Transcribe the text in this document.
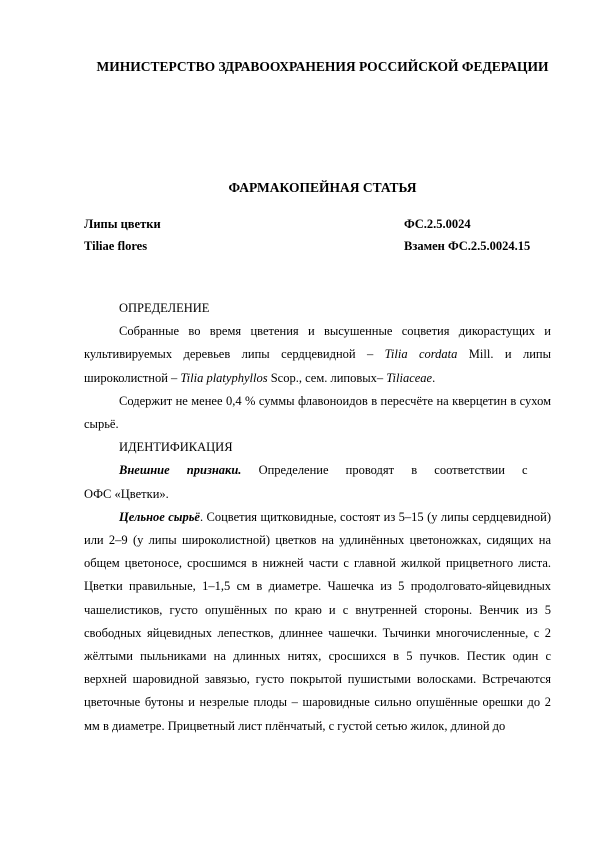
МИНИСТЕРСТВО ЗДРАВООХРАНЕНИЯ РОССИЙСКОЙ ФЕДЕРАЦИИ
ФАРМАКОПЕЙНАЯ СТАТЬЯ
Липы цветки	ФС.2.5.0024
Tiliae flores	Взамен ФС.2.5.0024.15

ОПРЕДЕЛЕНИЕ

Собранные во время цветения и высушенные соцветия дикорастущих и культивируемых деревьев липы сердцевидной – Tilia cordata Mill. и липы широколистной – Tilia platyphyllos Scop., сем. липовых– Tiliaceae.

Содержит не менее 0,4 % суммы флавоноидов в пересчёте на кверцетин в сухом сырьё.

ИДЕНТИФИКАЦИЯ

Внешние признаки. Определение проводят в соответствии с

ОФС «Цветки».

Цельное сырьё. Соцветия щитковидные, состоят из 5–15 (у липы сердцевидной) или 2–9 (у липы широколистной) цветков на удлинённых цветоножках, сидящих на общем цветоносе, сросшимся в нижней части с главной жилкой прицветного листа. Цветки правильные, 1–1,5 см в диаметре. Чашечка из 5 продолговато-яйцевидных чашелистиков, густо опушённых по краю и с внутренней стороны. Венчик из 5 свободных яйцевидных лепестков, длиннее чашечки. Тычинки многочисленные, с 2 жёлтыми пыльниками на длинных нитях, сросшихся в 5 пучков. Пестик один с верхней шаровидной завязью, густо покрытой пушистыми волосками. Встречаются цветочные бутоны и незрелые плоды – шаровидные сильно опушённые орешки до 2 мм в диаметре. Прицветный лист плёнчатый, с густой сетью жилок, длиной до
